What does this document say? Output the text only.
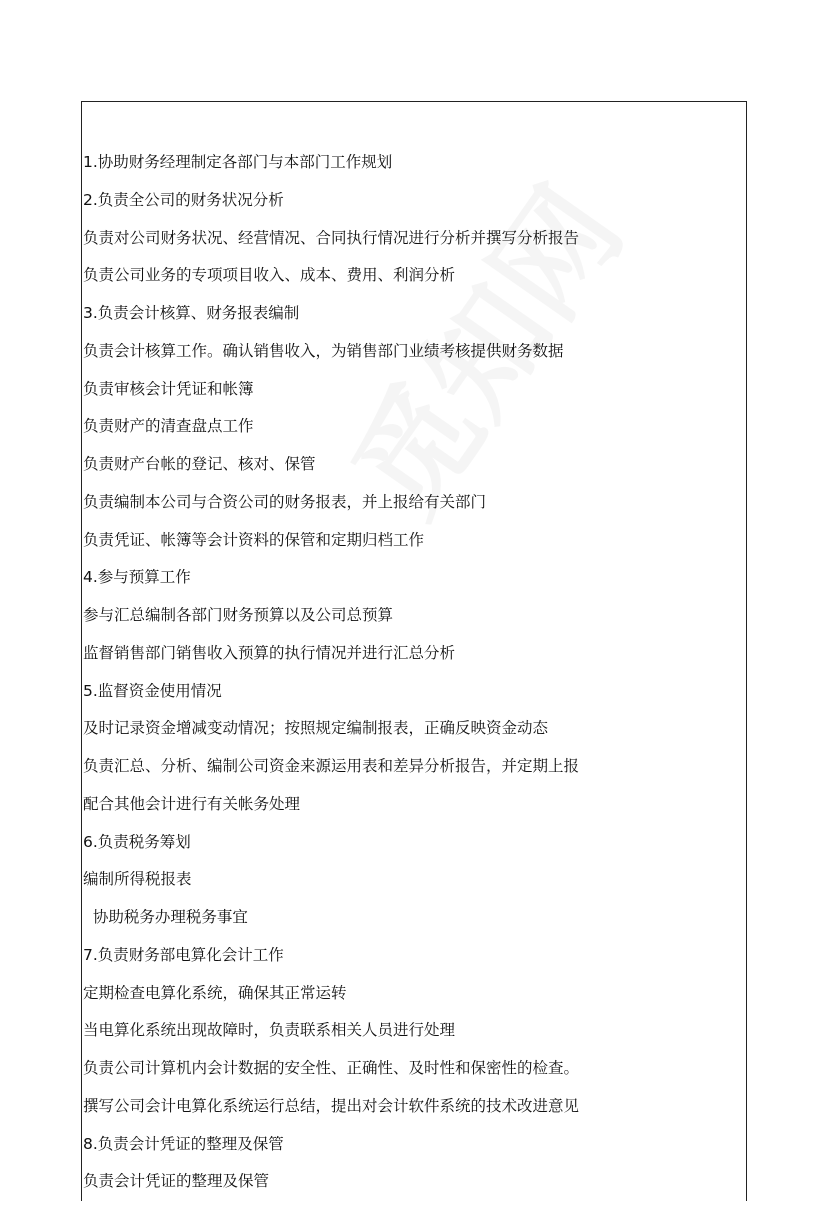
1.协助财务经理制定各部门与本部门工作规划
2.负责全公司的财务状况分析
负责对公司财务状况、经营情况、合同执行情况进行分析并撰写分析报告
负责公司业务的专项项目收入、成本、费用、利润分析
3.负责会计核算、财务报表编制
负责会计核算工作。确认销售收入，为销售部门业绩考核提供财务数据
负责审核会计凭证和帐簿
负责财产的清查盘点工作
负责财产台帐的登记、核对、保管
负责编制本公司与合资公司的财务报表，并上报给有关部门
负责凭证、帐簿等会计资料的保管和定期归档工作
4.参与预算工作
参与汇总编制各部门财务预算以及公司总预算
监督销售部门销售收入预算的执行情况并进行汇总分析
5.监督资金使用情况
及时记录资金增减变动情况；按照规定编制报表，正确反映资金动态
负责汇总、分析、编制公司资金来源运用表和差异分析报告，并定期上报
配合其他会计进行有关帐务处理
6.负责税务筹划
编制所得税报表
协助税务办理税务事宜
7.负责财务部电算化会计工作
定期检查电算化系统，确保其正常运转
当电算化系统出现故障时，负责联系相关人员进行处理
负责公司计算机内会计数据的安全性、正确性、及时性和保密性的检查。
撰写公司会计电算化系统运行总结，提出对会计软件系统的技术改进意见
8.负责会计凭证的整理及保管
负责会计凭证的整理及保管
